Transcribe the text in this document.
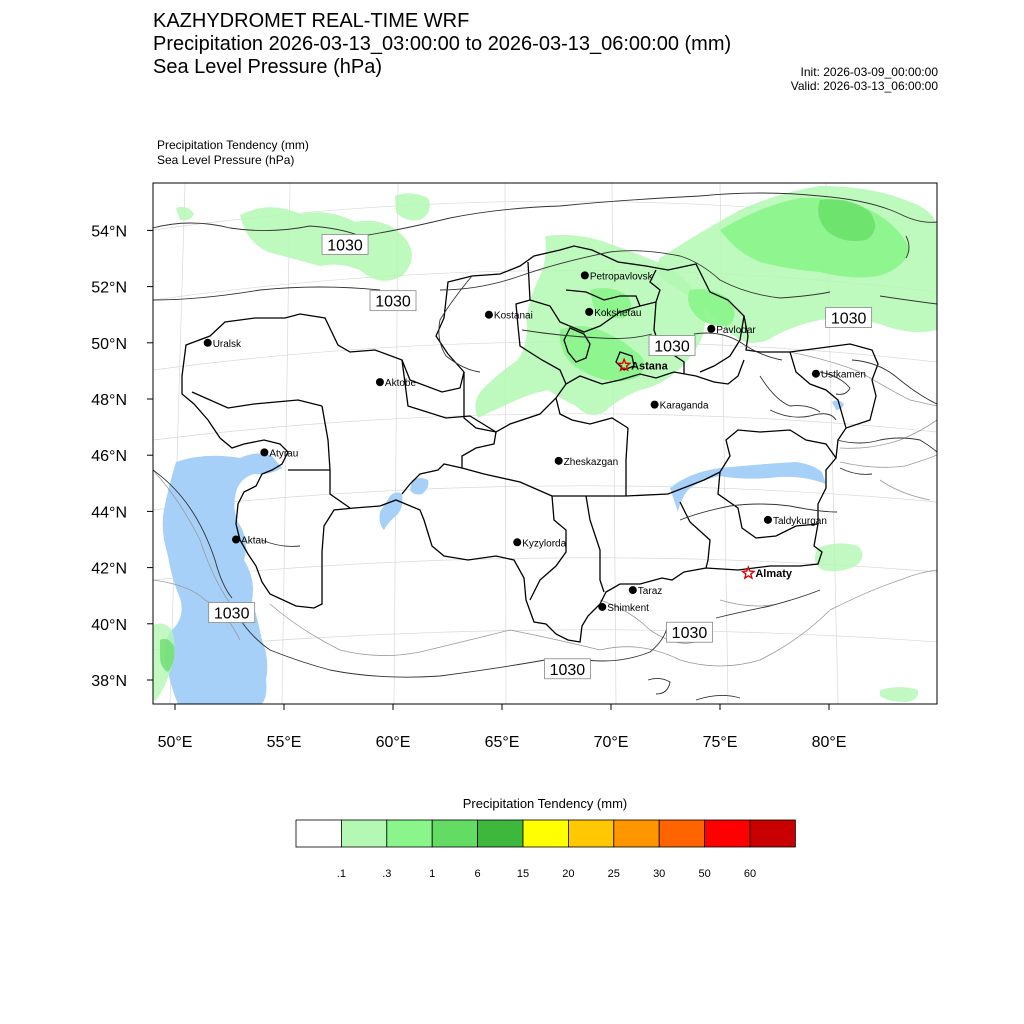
KAZHYDROMET REAL-TIME WRF
Precipitation 2026-03-13_03:00:00 to 2026-03-13_06:00:00 (mm)
Sea Level Pressure (hPa)	Init: 2026-03-09_00:00:00
Valid: 2026-03-13_06:00:00
Precipitation Tendency (mm)
Sea Level Pressure (hPa)
1030
1030
1030
1030
1030
1030
1030
Petropavlovsk
Kostanai	Kokshetau
Pavlodar
Uralsk
Ustkamen
Aktobe
Karaganda
Atyrau
Zheskazgan
Kyzylorda
Taldykurgan
Aktau
Taraz
Shimkent
Astana
Almaty
54°N
52°N
50°N
48°N
46°N
44°N
42°N
40°N
38°N
50°E	55°E	60°E	65°E	70°E	75°E	80°E
Precipitation Tendency (mm)
.1	.3	1	6	15	20	25	30	50	60
